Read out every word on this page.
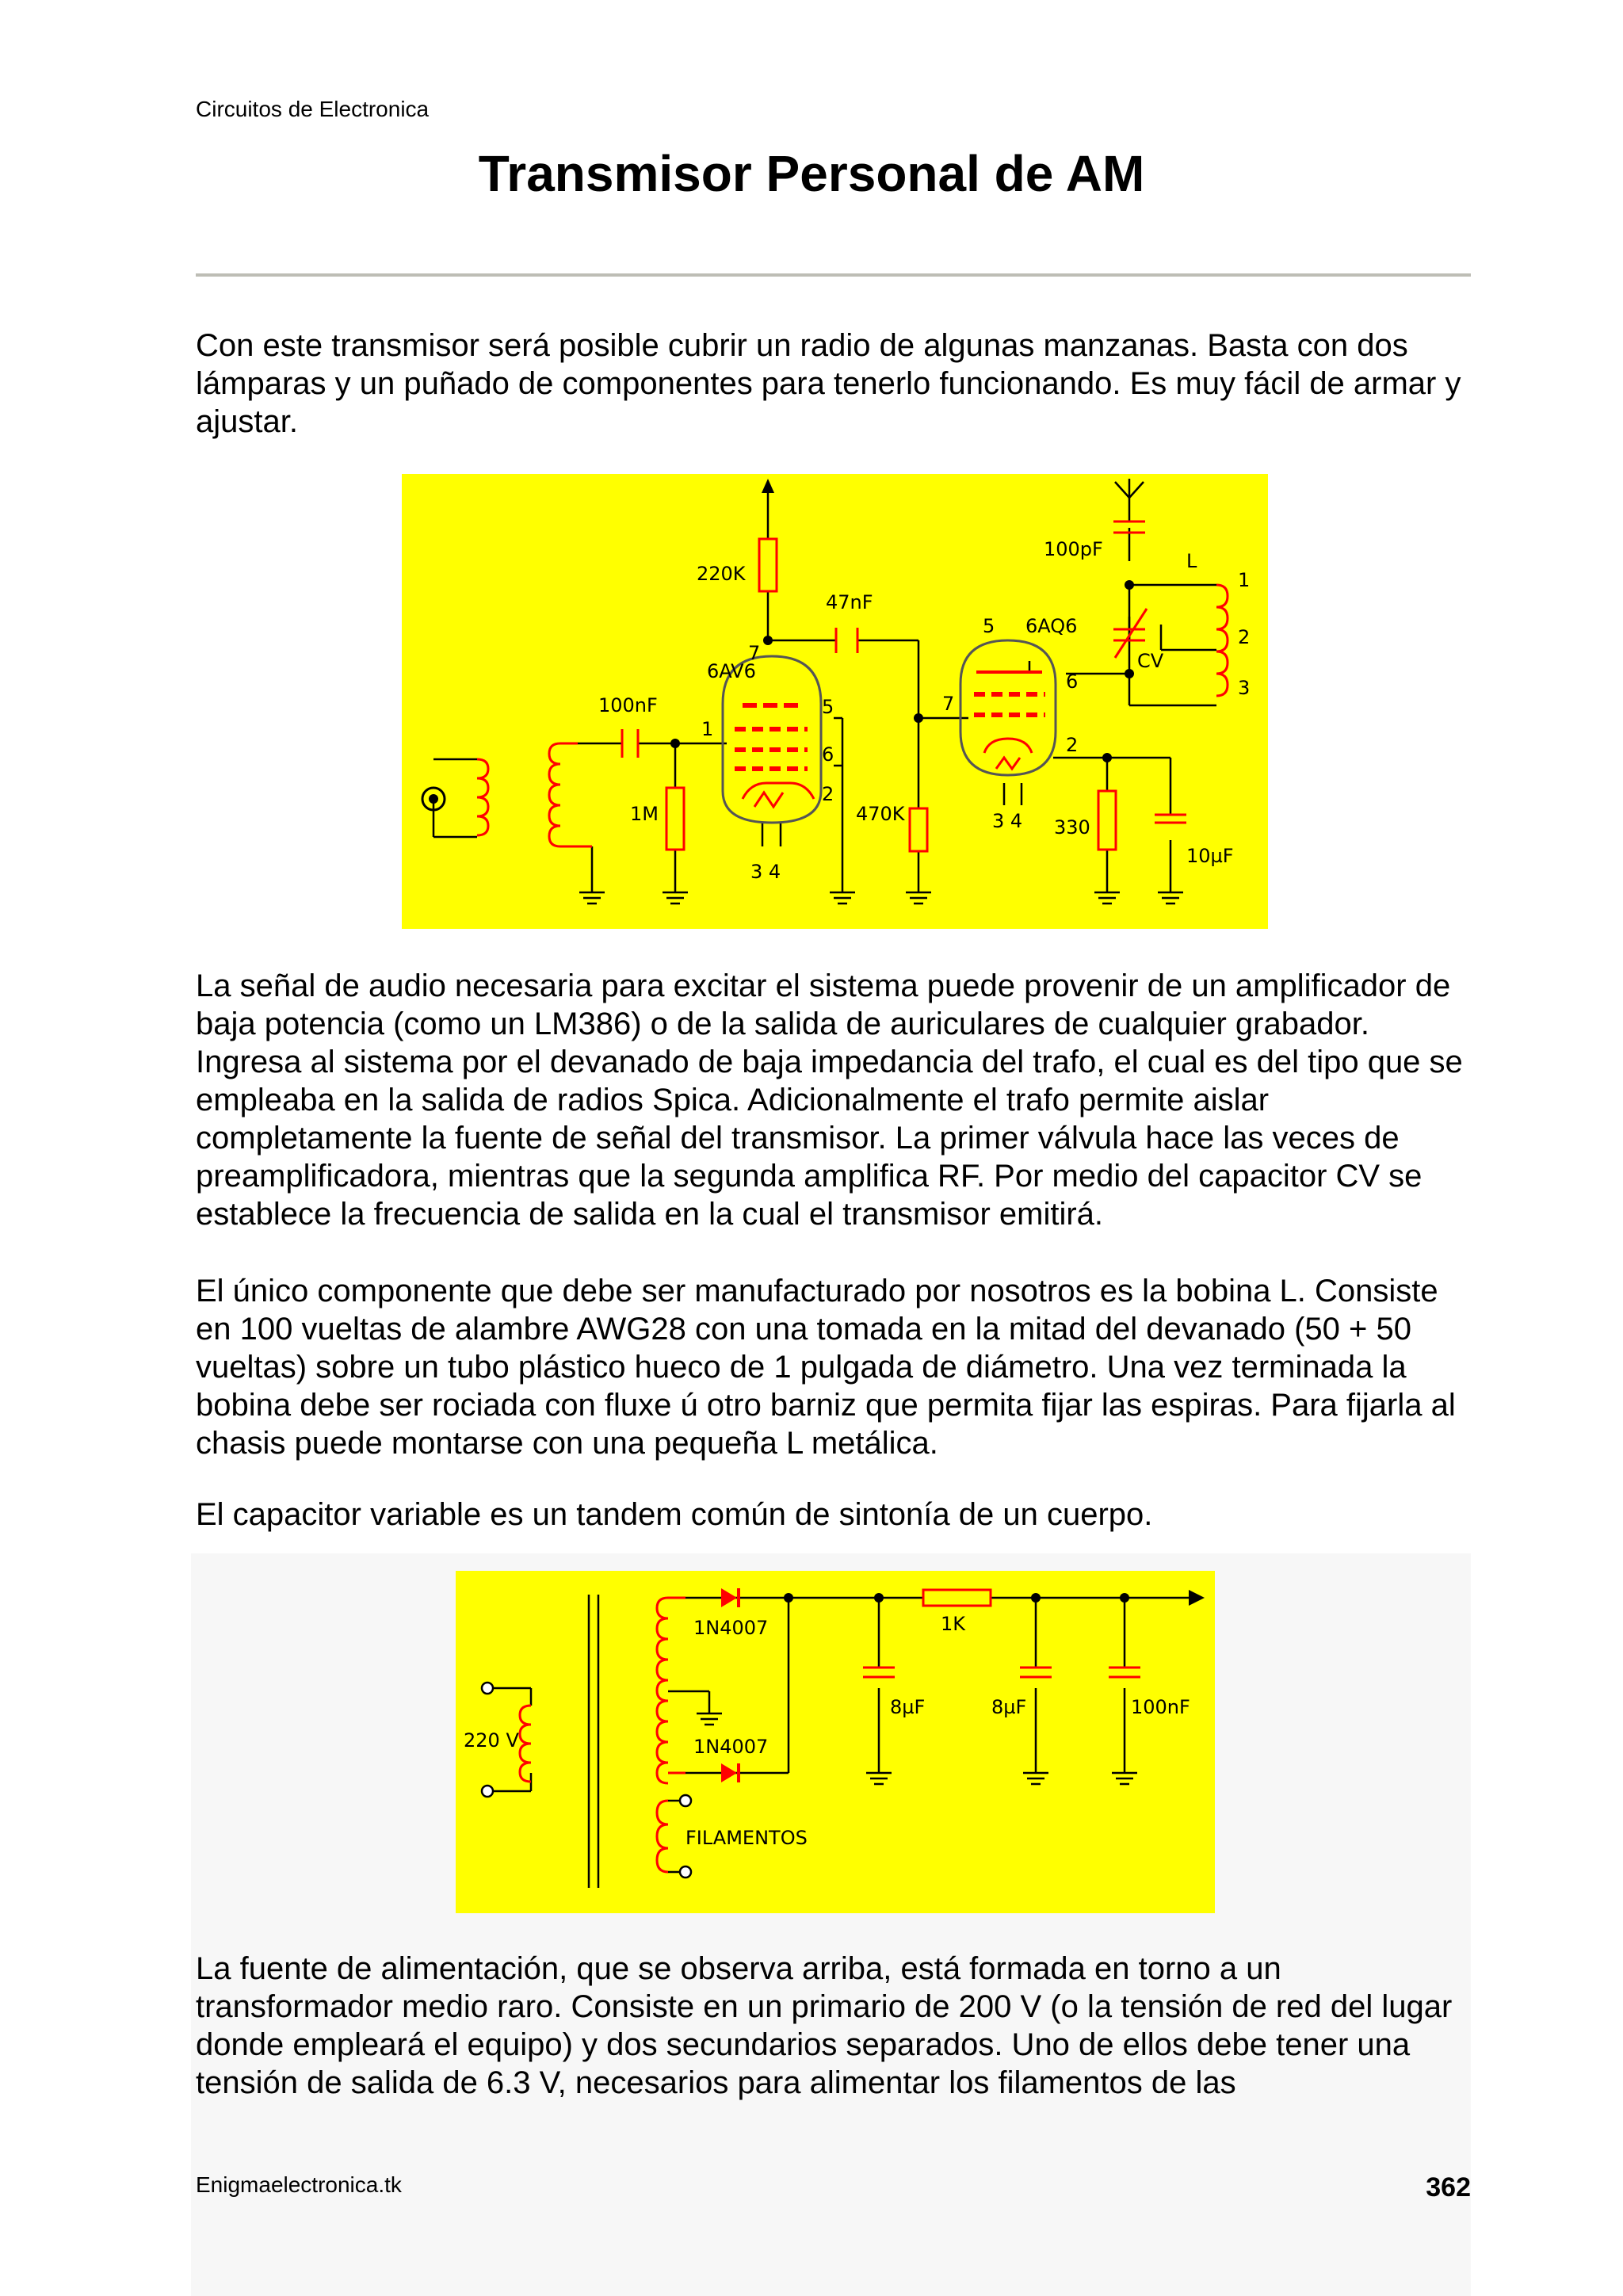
Circuitos de Electronica
Transmisor Personal de AM

Con este transmisor será posible cubrir un radio de algunas manzanas. Basta con dos lámparas y un puñado de componentes para tenerlo funcionando. Es muy fácil de armar y ajustar.

220K
47nF
6AV6
100nF
1M	470K
6AQ6
100pF
L
CV
330
10µF
7
1
5
6
2
3 4
5
6
7
2
3 4
1
2
3

La señal de audio necesaria para excitar el sistema puede provenir de un amplificador de baja potencia (como un LM386) o de la salida de auriculares de cualquier grabador. Ingresa al sistema por el devanado de baja impedancia del trafo, el cual es del tipo que se empleaba en la salida de radios Spica. Adicionalmente el trafo permite aislar completamente la fuente de señal del transmisor. La primer válvula hace las veces de preamplificadora, mientras que la segunda amplifica RF. Por medio del capacitor CV se establece la frecuencia de salida en la cual el transmisor emitirá.

El único componente que debe ser manufacturado por nosotros es la bobina L. Consiste en 100 vueltas de alambre AWG28 con una tomada en la mitad del devanado (50 + 50 vueltas) sobre un tubo plástico hueco de 1 pulgada de diámetro. Una vez terminada la bobina debe ser rociada con fluxe ú otro barniz que permita fijar las espiras. Para fijarla al chasis puede montarse con una pequeña L metálica.

El capacitor variable es un tandem común de sintonía de un cuerpo.

1N4007
1N4007
1K
8µF	8µF	100nF
220 V
FILAMENTOS

La fuente de alimentación, que se observa arriba, está formada en torno a un transformador medio raro. Consiste en un primario de 200 V (o la tensión de red del lugar donde empleará el equipo) y dos secundarios separados. Uno de ellos debe tener una tensión de salida de 6.3 V, necesarios para alimentar los filamentos de las

Enigmaelectronica.tk	362
